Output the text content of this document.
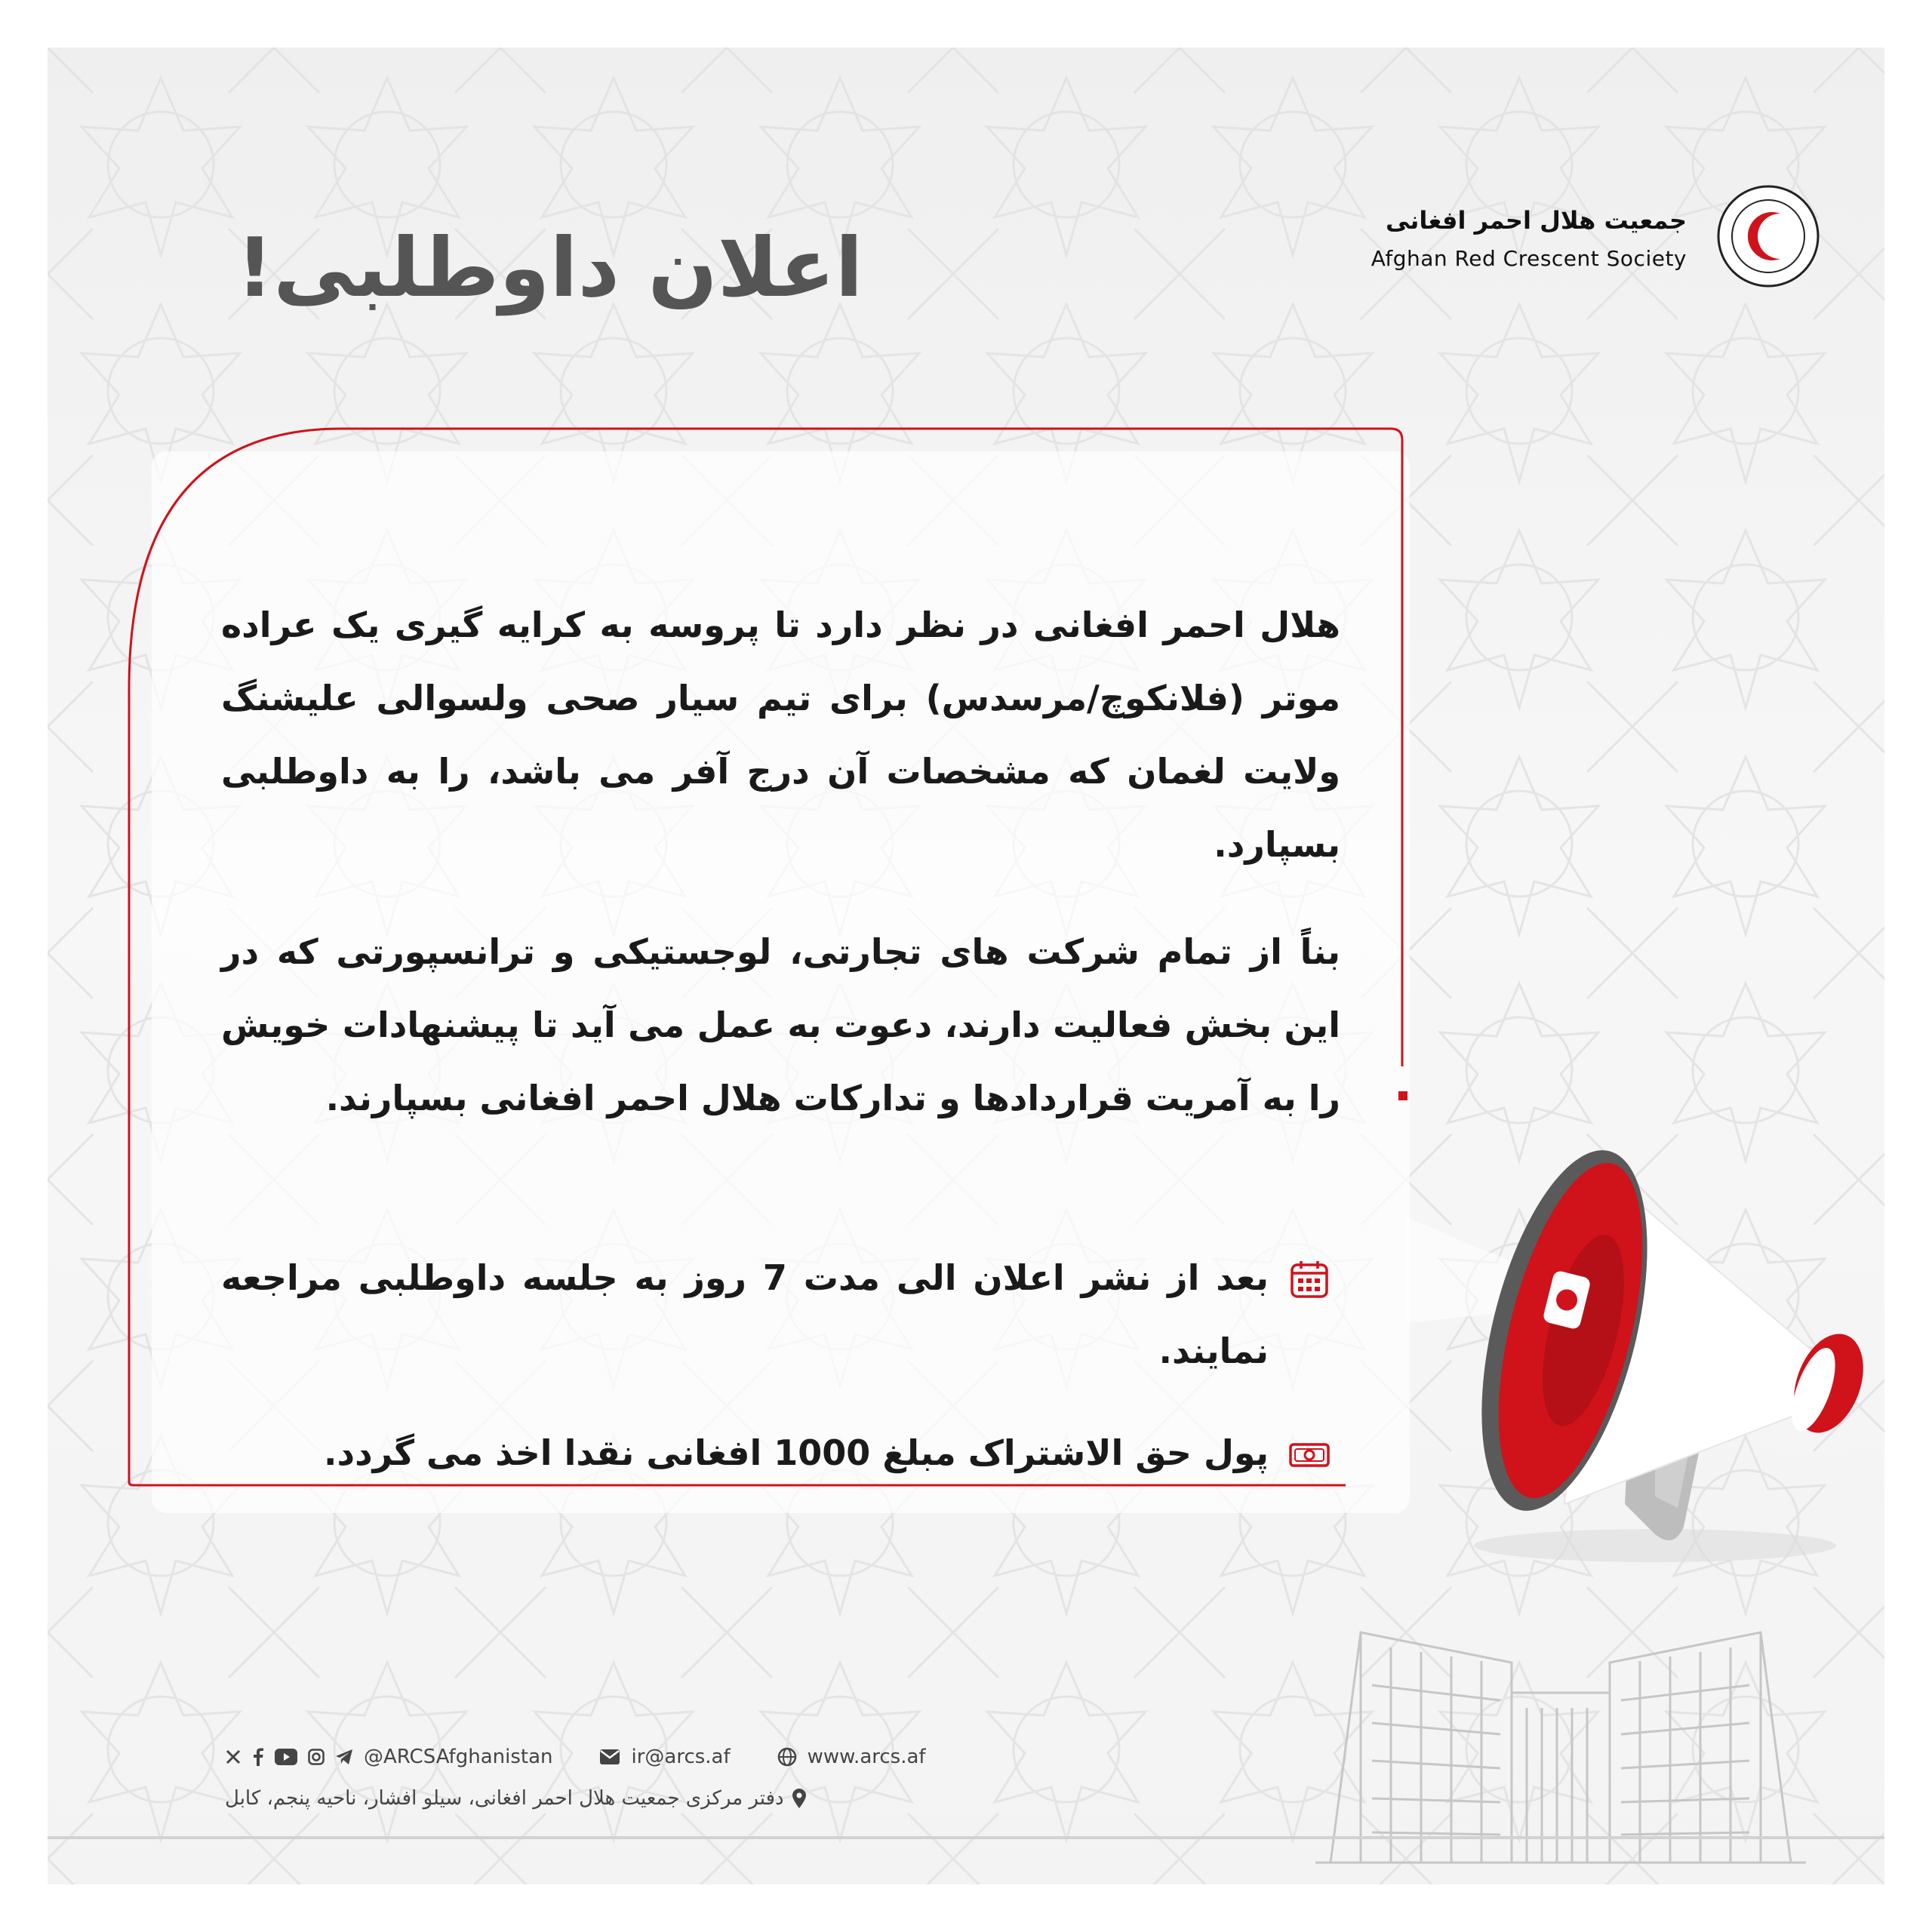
اعلان داوطلبی!
جمعیت هلال احمر افغانی
Afghan Red Crescent Society

هلال احمر افغانی در نظر دارد تا پروسه به کرایه گیری یک عراده موتر (فلانکوچ/مرسدس) برای تیم سیار صحی ولسوالی علیشنگ ولایت لغمان که مشخصات آن درج آفر می باشد، را به داوطلبی بسپارد.

بناً از تمام شرکت های تجارتی، لوجستیکی و ترانسپورتی که در این بخش فعالیت دارند، دعوت به عمل می آید تا پیشنهادات خویش را به آمریت قراردادها و تدارکات هلال احمر افغانی بسپارند.

بعد از نشر اعلان الی مدت 7 روز به جلسه داوطلبی مراجعه نمایند.
پول حق الاشتراک مبلغ 1000 افغانی نقدا اخذ می گردد.
@ARCSAfghanistan	ir@arcs.af	www.arcs.af
دفتر مرکزی جمعیت هلال احمر افغانی، سیلو افشار، ناحیه پنجم، کابل
